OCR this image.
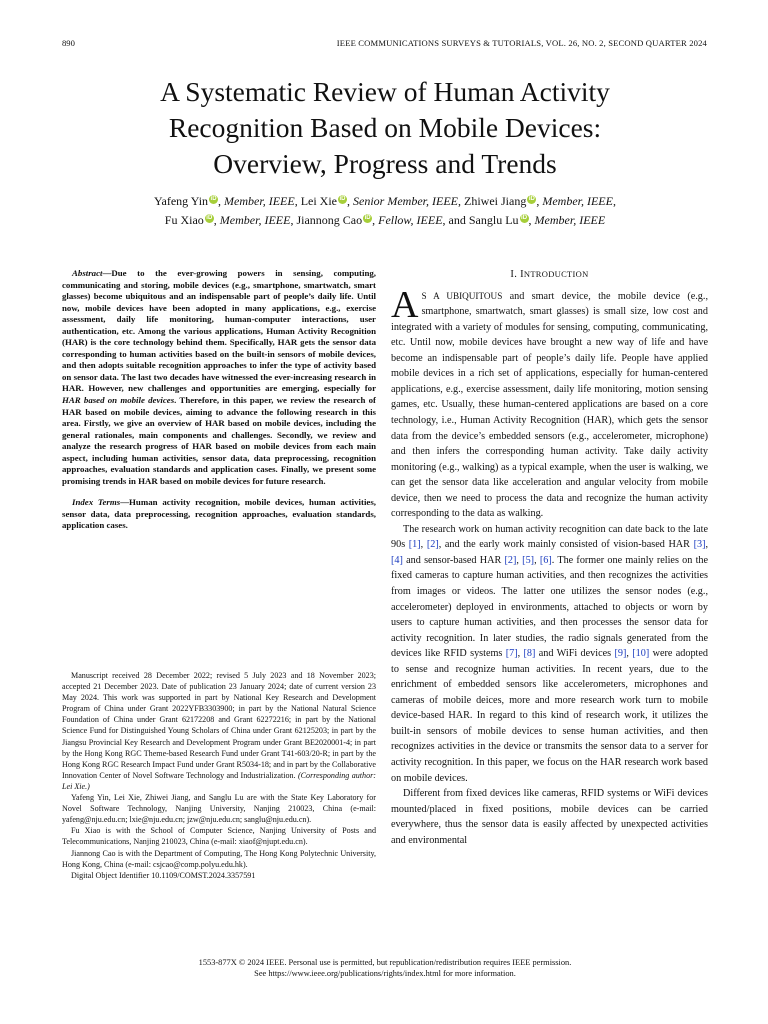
890	IEEE COMMUNICATIONS SURVEYS & TUTORIALS, VOL. 26, NO. 2, SECOND QUARTER 2024
A Systematic Review of Human Activity
Recognition Based on Mobile Devices:
Overview, Progress and Trends
Yafeng Yin iD , Member, IEEE, Lei Xie iD , Senior Member, IEEE, Zhiwei Jiang iD , Member, IEEE,
Fu Xiao iD , Member, IEEE, Jiannong Cao iD , Fellow, IEEE, and Sanglu Lu iD , Member, IEEE

Abstract—Due to the ever-growing powers in sensing, computing, communicating and storing, mobile devices (e.g., smartphone, smartwatch, smart glasses) become ubiquitous and an indispensable part of people’s daily life. Until now, mobile devices have been adopted in many applications, e.g., exercise assessment, daily life monitoring, human-computer interactions, user authentication, etc. Among the various applications, Human Activity Recognition (HAR) is the core technology behind them. Specifically, HAR gets the sensor data corresponding to human activities based on the built-in sensors of mobile devices, and then adopts suitable recognition approaches to infer the type of activity based on sensor data. The last two decades have witnessed the ever-increasing research in HAR. However, new challenges and opportunities are emerging, especially for HAR based on mobile devices. Therefore, in this paper, we review the research of HAR based on mobile devices, aiming to advance the following research in this area. Firstly, we give an overview of HAR based on mobile devices, including the general rationales, main components and challenges. Secondly, we review and analyze the research progress of HAR based on mobile devices from each main aspect, including human activities, sensor data, data preprocessing, recognition approaches, evaluation standards and application cases. Finally, we present some promising trends in HAR based on mobile devices for future research.

Index Terms—Human activity recognition, mobile devices, human activities, sensor data, data preprocessing, recognition approaches, evaluation standards, application cases.

Manuscript received 28 December 2022; revised 5 July 2023 and 18 November 2023; accepted 21 December 2023. Date of publication 23 January 2024; date of current version 23 May 2024. This work was supported in part by National Key Research and Development Program of China under Grant 2022YFB3303900; in part by the National Natural Science Foundation of China under Grant 62172208 and Grant 62272216; in part by the National Science Fund for Distinguished Young Scholars of China under Grant 62125203; in part by the Jiangsu Provincial Key Research and Development Program under Grant BE2020001-4; in part by the Hong Kong RGC Theme-based Research Fund under Grant T41-603/20-R; in part by the Hong Kong RGC Research Impact Fund under Grant R5034-18; and in part by the Collaborative Innovation Center of Novel Software Technology and Industrialization. (Corresponding author: Lei Xie.)

Yafeng Yin, Lei Xie, Zhiwei Jiang, and Sanglu Lu are with the State Key Laboratory for Novel Software Technology, Nanjing University, Nanjing 210023, China (e-mail: yafeng@nju.edu.cn; lxie@nju.edu.cn; jzw@nju.edu.cn; sanglu@nju.edu.cn).

Fu Xiao is with the School of Computer Science, Nanjing University of Posts and Telecommunications, Nanjing 210023, China (e-mail: xiaof@njupt.edu.cn).

Jiannong Cao is with the Department of Computing, The Hong Kong Polytechnic University, Hong Kong, China (e-mail: csjcao@comp.polyu.edu.hk).

Digital Object Identifier 10.1109/COMST.2024.3357591

I. INTRODUCTION

A S A UBIQUITOUS and smart device, the mobile device (e.g., smartphone, smartwatch, smart glasses) is small size, low cost and integrated with a variety of modules for sensing, computing, communicating, etc. Until now, mobile devices have brought a new way of life and have become an indispensable part of people’s daily life. People have applied mobile devices in a rich set of applications, especially for human-centered applications, e.g., exercise assessment, daily life monitoring, motion sensing games, etc. Usually, these human-centered applications are based on a core technology, i.e., Human Activity Recognition (HAR), which gets the sensor data from the device’s embedded sensors (e.g., accelerometer, microphone) and then infers the corresponding human activity. Take daily activity monitoring (e.g., walking) as a typical example, when the user is walking, we can get the sensor data like acceleration and angular velocity from mobile device, then we need to process the data and recognize the human activity corresponding to the data as walking.

The research work on human activity recognition can date back to the late 90s [1], [2], and the early work mainly consisted of vision-based HAR [3], [4] and sensor-based HAR [2], [5], [6]. The former one mainly relies on the fixed cameras to capture human activities, and then recognizes the activities from images or videos. The latter one utilizes the sensor nodes (e.g., accelerometer) deployed in environments, attached to objects or worn by users to capture human activities, and then processes the sensor data for activity recognition. In later studies, the radio signals generated from the devices like RFID systems [7], [8] and WiFi devices [9], [10] were adopted to sense and recognize human activities. In recent years, due to the enrichment of embedded sensors like accelerometers, microphones and cameras of mobile deices, more and more research work turn to mobile device-based HAR. In regard to this kind of research work, it utilizes the built-in sensors of mobile devices to sense human activities, and then recognizes activities in the device or transmits the sensor data to a server for activity recognition. In this paper, we focus on the HAR research work based on mobile devices.

Different from fixed devices like cameras, RFID systems or WiFi devices mounted/placed in fixed positions, mobile devices can be carried everywhere, thus the sensor data is easily affected by unexpected activities and environmental

1553-877X © 2024 IEEE. Personal use is permitted, but republication/redistribution requires IEEE permission.
See https://www.ieee.org/publications/rights/index.html for more information.
